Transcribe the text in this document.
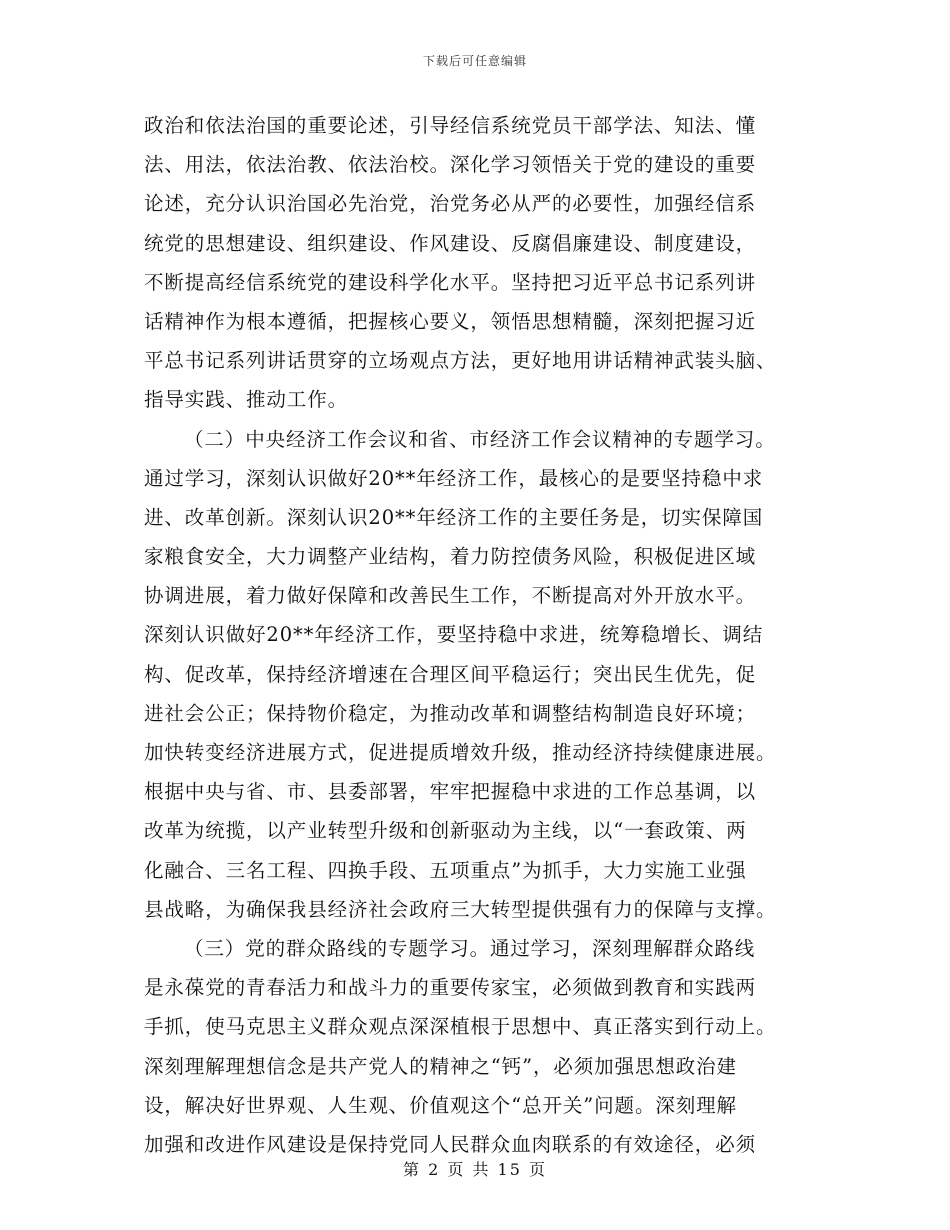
下载后可任意编辑
政治和依法治国的重要论述，引导经信系统党员干部学法、知法、懂
法、用法，依法治教、依法治校。深化学习领悟关于党的建设的重要
论述，充分认识治国必先治党，治党务必从严的必要性，加强经信系
统党的思想建设、组织建设、作风建设、反腐倡廉建设、制度建设，
不断提高经信系统党的建设科学化水平。坚持把习近平总书记系列讲
话精神作为根本遵循，把握核心要义，领悟思想精髓，深刻把握习近
平总书记系列讲话贯穿的立场观点方法，更好地用讲话精神武装头脑、
指导实践、推动工作。
（二）中央经济工作会议和省、市经济工作会议精神的专题学习。
通过学习，深刻认识做好20**年经济工作，最核心的是要坚持稳中求
进、改革创新。深刻认识20**年经济工作的主要任务是，切实保障国
家粮食安全，大力调整产业结构，着力防控债务风险，积极促进区域
协调进展，着力做好保障和改善民生工作，不断提高对外开放水平。
深刻认识做好20**年经济工作，要坚持稳中求进，统筹稳增长、调结
构、促改革，保持经济增速在合理区间平稳运行；突出民生优先，促
进社会公正；保持物价稳定，为推动改革和调整结构制造良好环境；
加快转变经济进展方式，促进提质增效升级，推动经济持续健康进展。
根据中央与省、市、县委部署，牢牢把握稳中求进的工作总基调，以
改革为统揽，以产业转型升级和创新驱动为主线，以“一套政策、两
化融合、三名工程、四换手段、五项重点”为抓手，大力实施工业强
县战略，为确保我县经济社会政府三大转型提供强有力的保障与支撑。
（三）党的群众路线的专题学习。通过学习，深刻理解群众路线
是永葆党的青春活力和战斗力的重要传家宝，必须做到教育和实践两
手抓，使马克思主义群众观点深深植根于思想中、真正落实到行动上。
深刻理解理想信念是共产党人的精神之“钙”，必须加强思想政治建
设，解决好世界观、人生观、价值观这个“总开关”问题。深刻理解
加强和改进作风建设是保持党同人民群众血肉联系的有效途径，必须
第 2 页 共 15 页
